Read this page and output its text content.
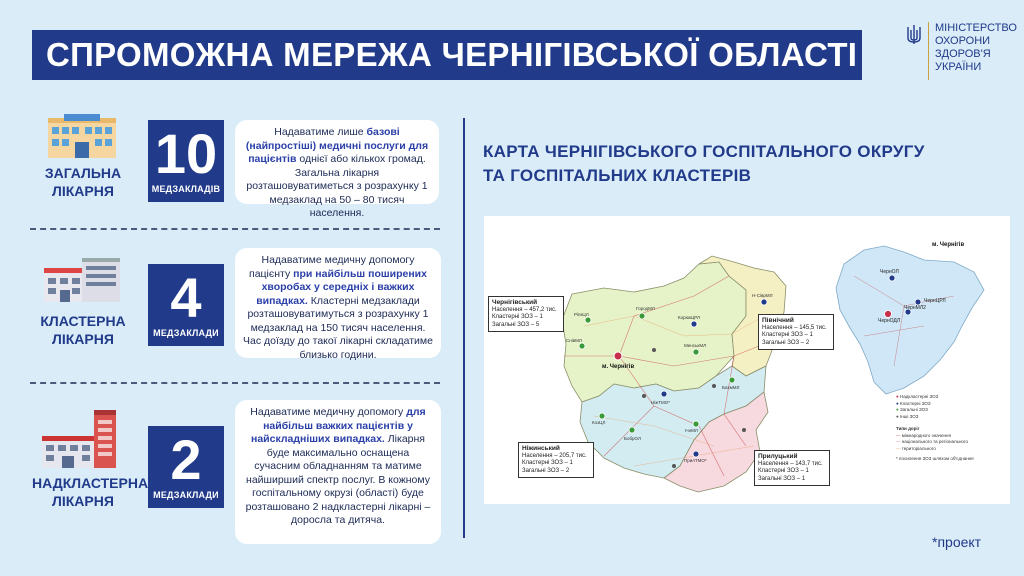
СПРОМОЖНА МЕРЕЖА ЧЕРНІГІВСЬКОЇ ОБЛАСТІ
МІНІСТЕРСТВО
ОХОРОНИ
ЗДОРОВ'Я
УКРАЇНИ
ЗАГАЛЬНА
ЛІКАРНЯ
10
МЕДЗАКЛАДІВ
Надаватиме лише базові (найпростіші) медичні послуги для пацієнтів однієї або кількох громад. Загальна лікарня розташовуватиметься з розрахунку 1 медзаклад на 50 – 80 тисяч населення.
КЛАСТЕРНА
ЛІКАРНЯ
4
МЕДЗАКЛАДИ
Надаватиме медичну допомогу пацієнту при найбільш поширених хворобах у середніх і важких випадках. Кластерні медзаклади розташовуватимуться з розрахунку 1 медзаклад на 150 тисяч населення. Час доїзду до такої лікарні складатиме близько години.
НАДКЛАСТЕРНА
ЛІКАРНЯ
2
МЕДЗАКЛАДИ
Надаватиме медичну допомогу для найбільш важких пацієнтів у найскладніших випадках. Лікарня буде максимально оснащена сучасним обладнанням та матиме найширший спектр послуг. В кожному госпітальному окрузі (області) буде розташовано 2 надкластерні лікарні – доросла та дитяча.
КАРТА ЧЕРНІГІВСЬКОГО ГОСПІТАЛЬНОГО ОКРУГУ
ТА ГОСПІТАЛЬНИХ КЛАСТЕРІВ
РіпкЦЛ
ГородМЛ
КорюкЦРЛ
Н-СіврМЛ
СнівМЛ
МенськМЛ
БахмМЛ
НіжТМО*
КозЦЛ
БобрОЛ
ІчнМЛ
ПрилТМО*
м. Чернігів
ЧернОЛ
ЧернЦРЛ
ЧернМЛ2
ЧернОДЛ
м. Чернігів
Чернігівський
Населення – 457,2 тис.
Кластерні ЗОЗ – 1
Загальні ЗОЗ – 5
Північний
Населення – 145,5 тис.
Кластерні ЗОЗ – 1
Загальні ЗОЗ – 2
Ніжинський
Населення – 205,7 тис.
Кластерні ЗОЗ – 1
Загальні ЗОЗ – 2
Прилуцький
Населення – 143,7 тис.
Кластерні ЗОЗ – 1
Загальні ЗОЗ – 1
● Надкластерні ЗОЗ
● Кластерні ЗОЗ
● Загальні ЗОЗ
● Інші ЗОЗ
Типи доріг
— міжнародного значення
— національного та регіонального
— територіального
* посилення ЗОЗ шляхом об'єднання
*проект
